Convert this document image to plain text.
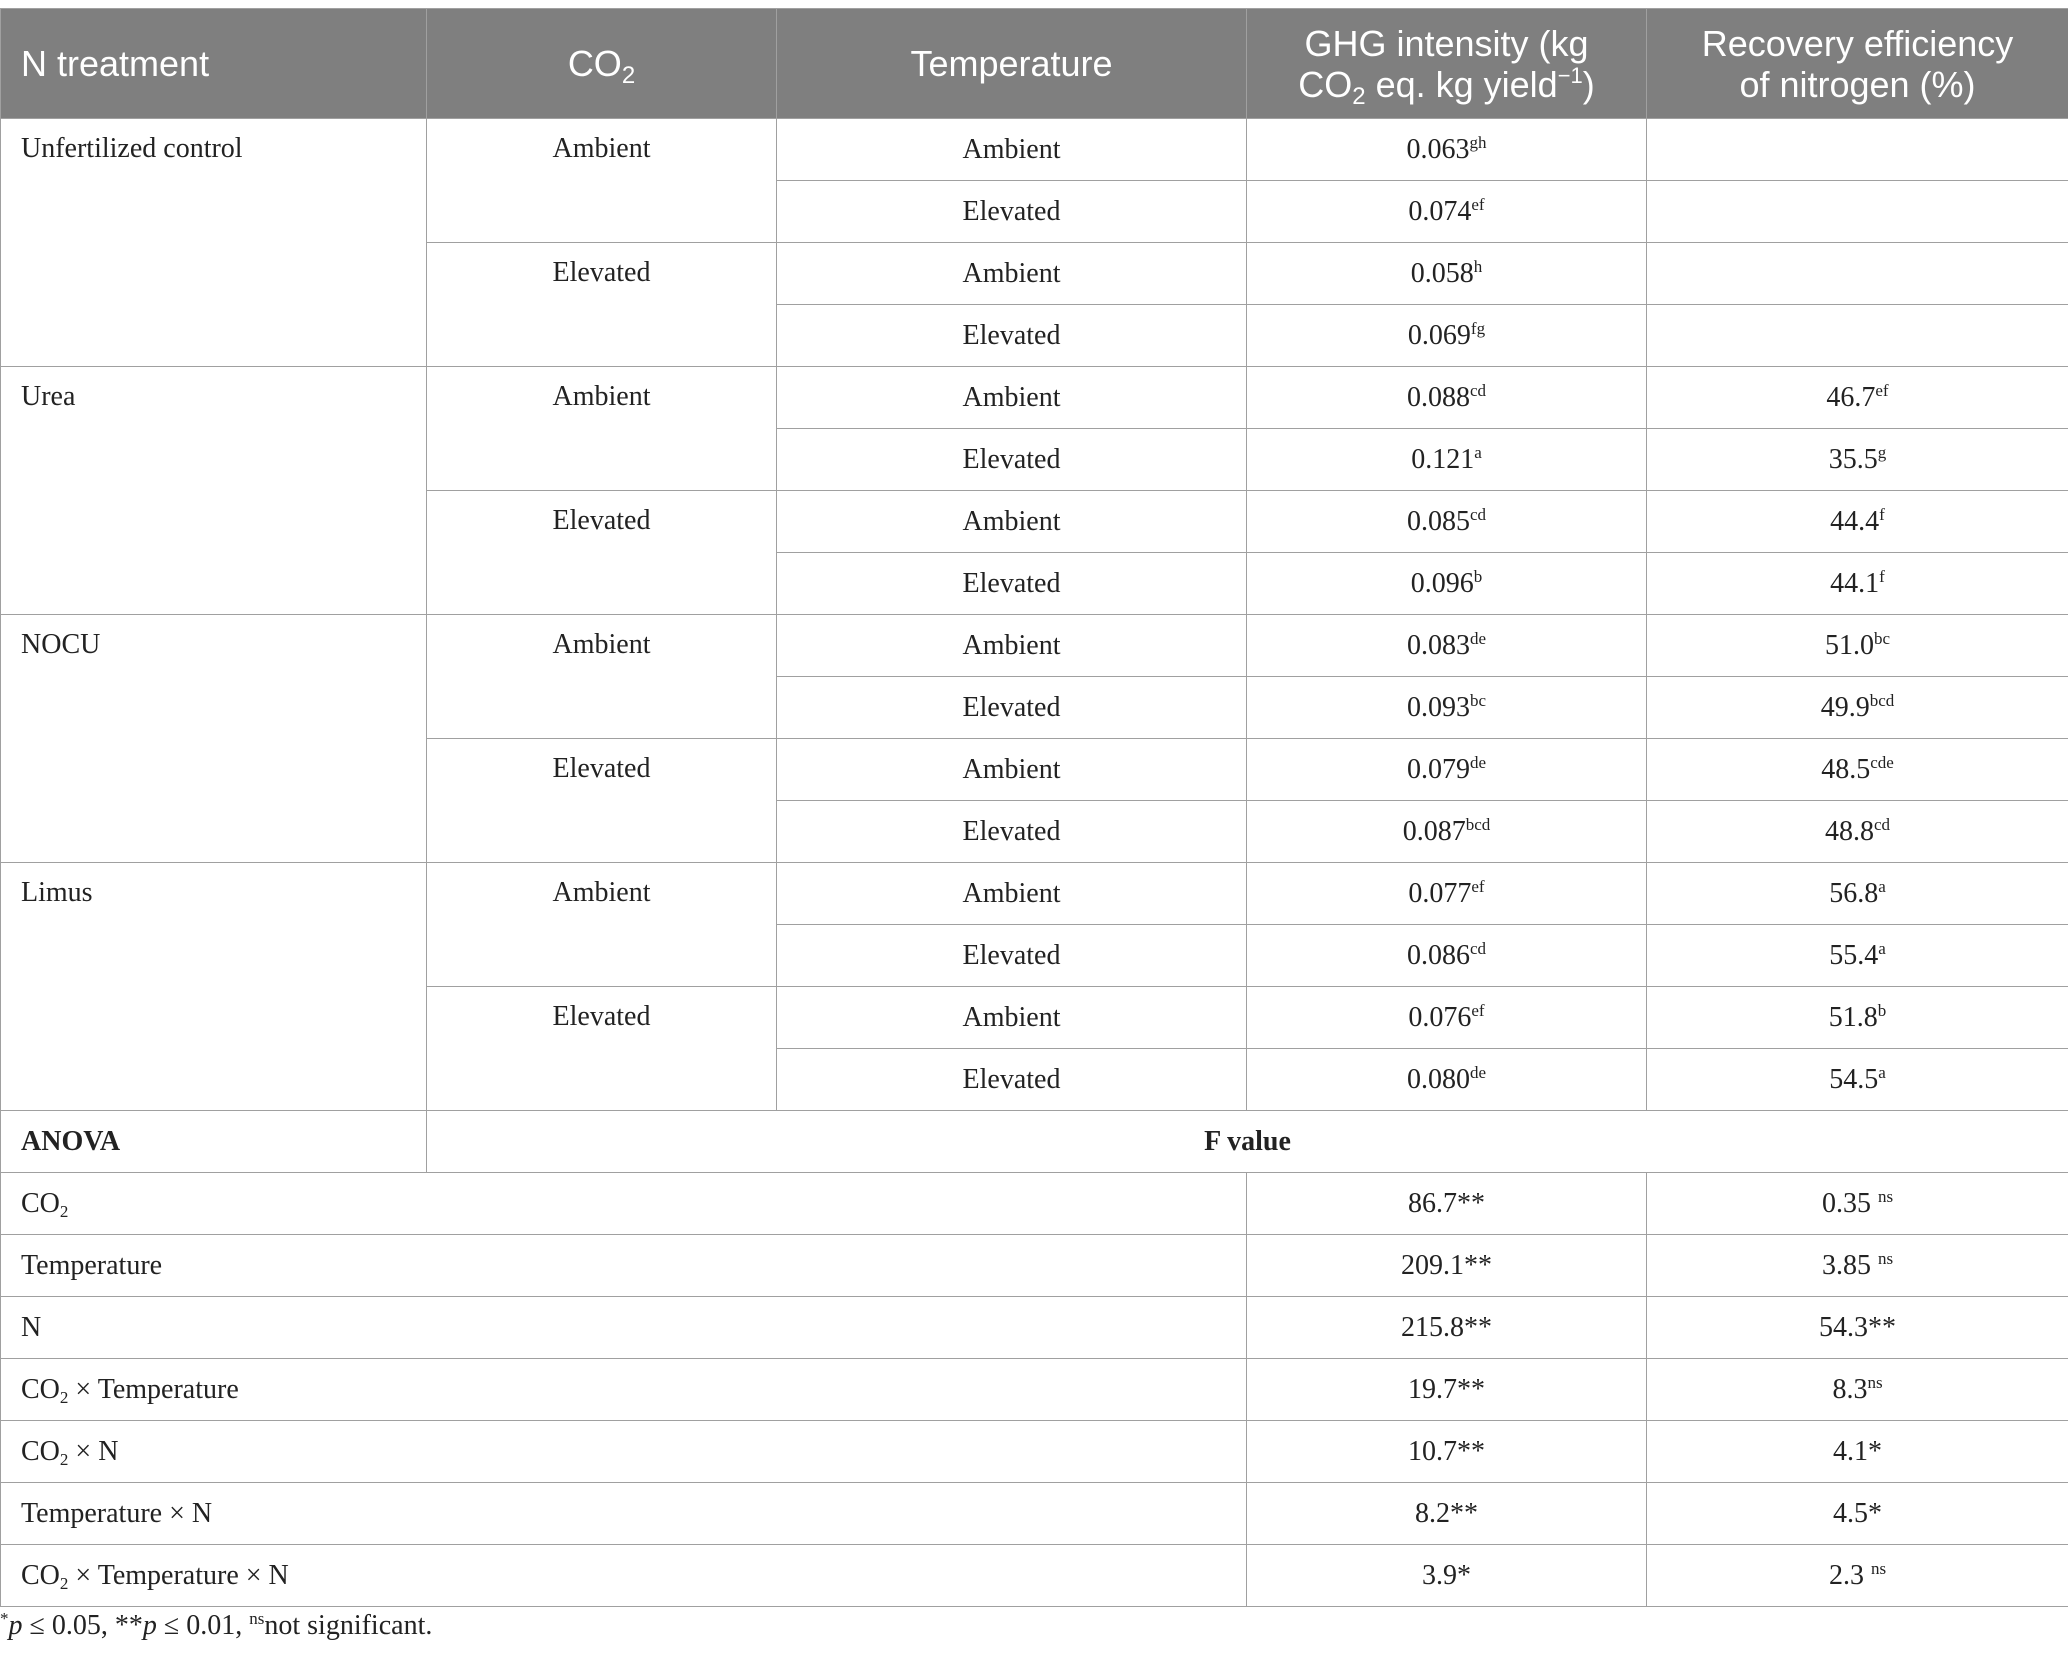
N treatment	$CO_2$	Temperature	GHG intensity (kg
$CO_2$ eq. kg yield$^{-1}$)	Recovery efficiency
of nitrogen (%)
Unfertilized control	Ambient	Ambient	0.063$^{gh}$	
		Elevated	0.074$^{ef}$	
	Elevated	Ambient	0.058$^h$	
		Elevated	0.069$^{fg}$	
Urea	Ambient	Ambient	0.088$^{cd}$	46.7$^{ef}$
		Elevated	0.121$^a$	35.5$^g$
	Elevated	Ambient	0.085$^{cd}$	44.4$^f$
		Elevated	0.096$^b$	44.1$^f$
NOCU	Ambient	Ambient	0.083de	51.0$^{bc}$
		Elevated	0.093$^{bc}$	49.9$^{bcd}$
	Elevated	Ambient	0.079de	48.5$^{cde}$
		Elevated	0.087$^{bcd}$	48.8$^{cd}$
Limus	Ambient	Ambient	0.077$^{ef}$	56.8$^a$
		Elevated	0.086$^{cd}$	55.4$^a$
	Elevated	Ambient	0.076$^{ef}$	51.8$^b$
		Elevated	0.080de	54.5$^a$
ANOVA	F value			
$CO_2$			86.7**	0.35 $^{ns}$
Temperature			209.1**	3.85 $^{ns}$
N			215.8**	54.3**
$CO_2$ × Temperature			19.7**	$8.3^{ns}$
$CO_2 \times N$			10.7**	4.1*
Temperature × N			8.2**	4.5*
$CO_2$ × Temperature × N			3.9*	2.3 $^{ns}$
*p ≤ 0.05, **p ≤ 0.01, $^{ns}$not significant.
